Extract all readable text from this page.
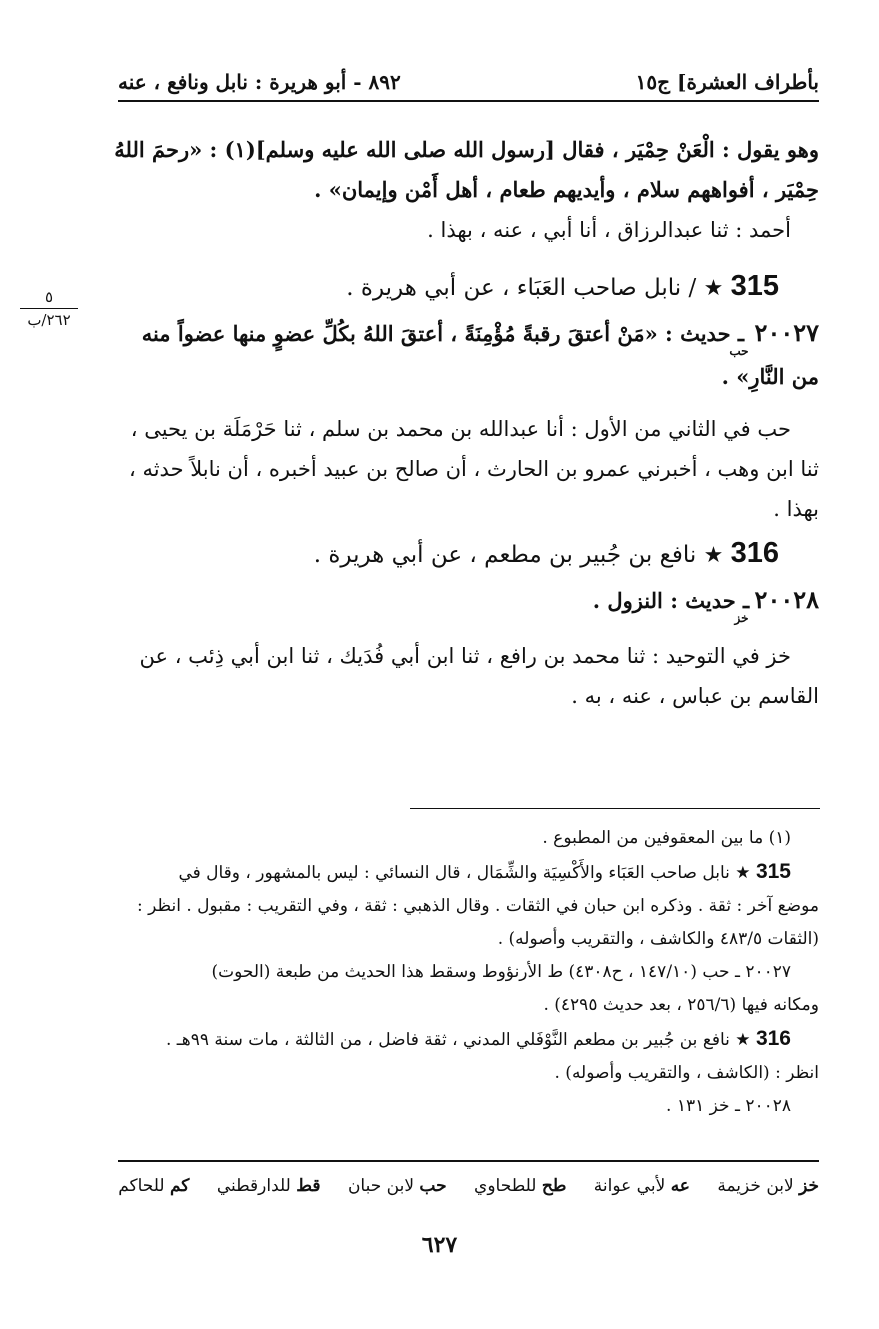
بأطراف العشرة] ج١٥
٨٩٢ - أبو هريرة : نابل ونافع ، عنه
٥
٢٦٢/ب
وهو يقول : الْعَنْ حِمْيَر ، فقال [رسول الله صلى الله عليه وسلم](١) : «رحمَ اللهُ
حِمْيَر ، أفواههم سلام ، وأيديهم طعام ، أهل أَمْن وإيمان» .
أحمد : ثنا عبدالرزاق ، أنا أبي ، عنه ، بهذا .
315 ★ / نابل صاحب العَبَاء ، عن أبي هريرة .
٢٠٠٢٧حب ـ حديث : «مَنْ أعتقَ رقبةً مُؤْمِنَةً ، أعتقَ اللهُ بكُلِّ عضوٍ منها عضواً منه
من النَّارِ» .
حب في الثاني من الأول : أنا عبدالله بن محمد بن سلم ، ثنا حَرْمَلَة بن يحيى ،
ثنا ابن وهب ، أخبرني عمرو بن الحارث ، أن صالح بن عبيد أخبره ، أن نابلاً حدثه ،
بهذا .
316 ★ نافع بن جُبير بن مطعم ، عن أبي هريرة .
٢٠٠٢٨خز ـ حديث : النزول .
خز في التوحيد : ثنا محمد بن رافع ، ثنا ابن أبي فُدَيك ، ثنا ابن أبي ذِئب ، عن
القاسم بن عباس ، عنه ، به .
(١) ما بين المعقوفين من المطبوع .
315 ★ نابل صاحب العَبَاء والأَكْسِيَة والشِّمَال ، قال النسائي : ليس بالمشهور ، وقال في
موضع آخر : ثقة . وذكره ابن حبان في الثقات . وقال الذهبي : ثقة ، وفي التقريب : مقبول . انظر :
(الثقات ٤٨٣/٥ والكاشف ، والتقريب وأصوله) .
٢٠٠٢٧ ـ حب (١٤٧/١٠ ، ح٤٣٠٨) ط الأرنؤوط وسقط هذا الحديث من طبعة (الحوت)
ومكانه فيها (٢٥٦/٦ ، بعد حديث ٤٢٩٥) .
316 ★ نافع بن جُبير بن مطعم النَّوْفَلي المدني ، ثقة فاضل ، من الثالثة ، مات سنة ٩٩هـ .
انظر : (الكاشف ، والتقريب وأصوله) .
٢٠٠٢٨ ـ خز ١٣١ .
خز لابن خزيمة عه لأبي عوانة طح للطحاوي حب لابن حبان قط للدارقطني كم للحاكم
٦٢٧
